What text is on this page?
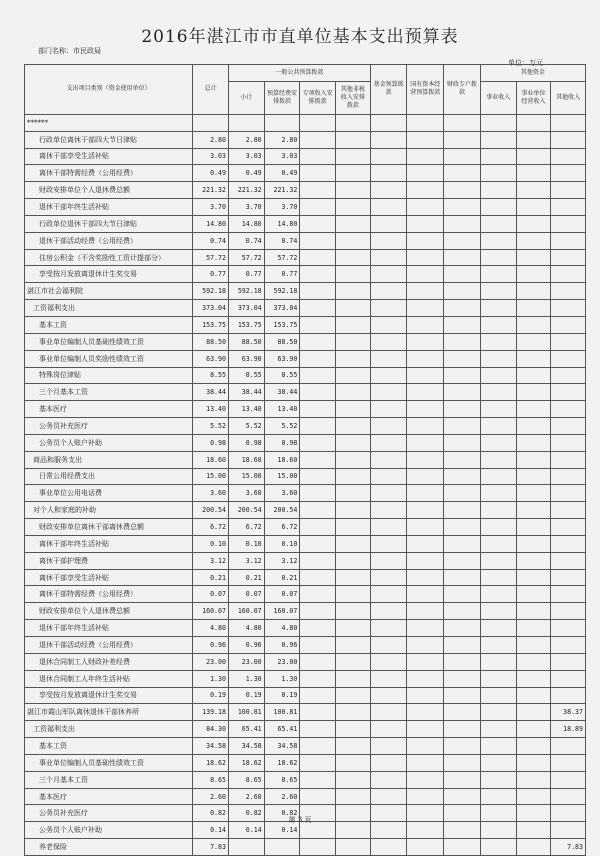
2016年湛江市市直单位基本支出预算表
部门名称：市民政局
单位：万元
支出项目类别（资金使用单位）	总计	一般公共预算拨款				基金预算拨款	国有资本经营预算拨款	财政专户拨款	其他资金		
		小计	预算经费安排拨款	专项收入安排拨款	其他非税收入安排拨款				事业收入	事业单位经营收入	其他收入
******											
行政单位离休干部四大节日津贴	2.80	2.80	2.80								
离休干部享受生活补贴	3.03	3.03	3.03								
离休干部特需经费（公用经费）	0.49	0.49	0.49								
财政安排单位个人退休费总额	221.32	221.32	221.32								
退休干部年终生活补贴	3.70	3.70	3.70								
行政单位退休干部四大节日津贴	14.80	14.80	14.80								
退休干部活动经费（公用经费）	0.74	0.74	0.74								
住房公积金（不含奖励性工资计提部分）	57.72	57.72	57.72								
享受按月发放离退休计生奖交易	0.77	0.77	0.77								
湛江市社会福利院	592.18	592.18	592.18								
工资福利支出	373.04	373.04	373.04								
基本工资	153.75	153.75	153.75								
事业单位编制人员基础性绩效工资	88.50	88.50	88.50								
事业单位编制人员奖励性绩效工资	63.90	63.90	63.90								
特殊岗位津贴	8.55	8.55	8.55								
三个月基本工资	38.44	38.44	38.44								
基本医疗	13.40	13.40	13.40								
公务员补充医疗	5.52	5.52	5.52								
公务员个人账户补助	0.98	0.98	0.98								
商品和服务支出	18.60	18.60	18.60								
日常公用经费支出	15.00	15.00	15.00								
事业单位公用电话费	3.60	3.60	3.60								
对个人和家庭的补助	200.54	200.54	200.54								
财政安排单位离休干部离休费总额	6.72	6.72	6.72								
离休干部年终生活补贴	0.10	0.10	0.10								
离休干部护理费	3.12	3.12	3.12								
离休干部享受生活补贴	0.21	0.21	0.21								
离休干部特需经费（公用经费）	0.07	0.07	0.07								
财政安排单位个人退休费总额	160.07	160.07	160.07								
退休干部年终生活补贴	4.80	4.80	4.80								
退休干部活动经费（公用经费）	0.96	0.96	0.96								
退休合同制工人财政补差经费	23.00	23.00	23.00								
退休合同制工人年终生活补贴	1.30	1.30	1.30								
享受按月发放离退休计生奖交易	0.19	0.19	0.19								
湛江市霞山军队离休退休干部休养所	139.18	100.81	100.81								38.37
工资福利支出	84.30	65.41	65.41								18.89
基本工资	34.58	34.58	34.58								
事业单位编制人员基础性绩效工资	18.62	18.62	18.62								
三个月基本工资	8.65	8.65	8.65								
基本医疗	2.60	2.60	2.60								
公务员补充医疗	0.82	0.82	0.82								
公务员个人账户补助	0.14	0.14	0.14								
养老保险	7.83										7.83
第 3 页
